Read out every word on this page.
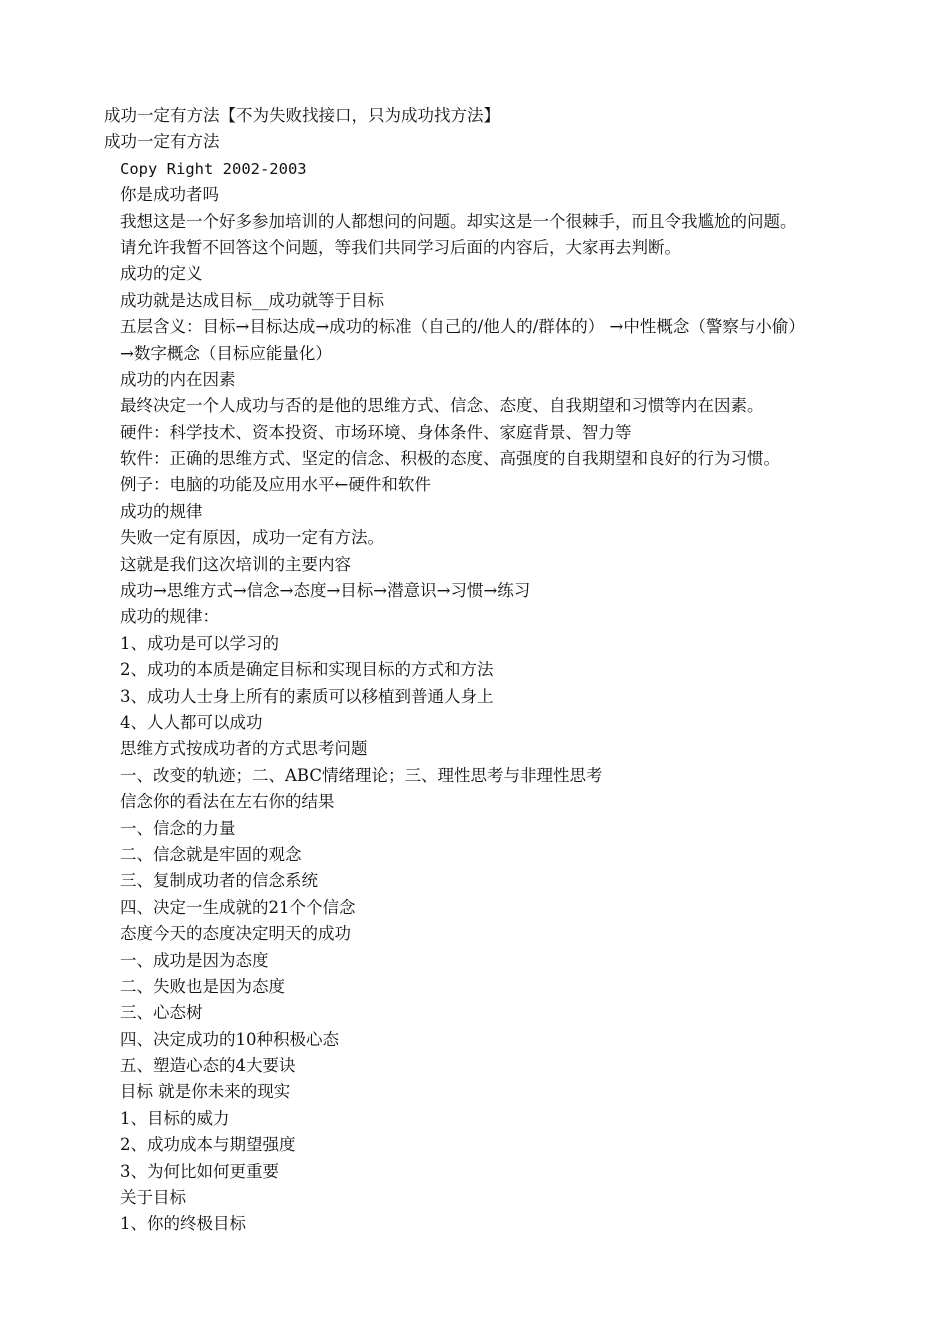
成功一定有方法【不为失败找接口，只为成功找方法】

成功一定有方法

Copy Right 2002-2003

你是成功者吗

我想这是一个好多参加培训的人都想问的问题。却实这是一个很棘手，而且令我尴尬的问题。

请允许我暂不回答这个问题，等我们共同学习后面的内容后，大家再去判断。

成功的定义

成功就是达成目标__成功就等于目标

五层含义：目标→目标达成→成功的标准（自己的/他人的/群体的） →中性概念（警察与小偷）

→数字概念（目标应能量化）

成功的内在因素

最终决定一个人成功与否的是他的思维方式、信念、态度、自我期望和习惯等内在因素。

硬件：科学技术、资本投资、市场环境、身体条件、家庭背景、智力等

软件：正确的思维方式、坚定的信念、积极的态度、高强度的自我期望和良好的行为习惯。

例子：电脑的功能及应用水平←硬件和软件

成功的规律

失败一定有原因，成功一定有方法。

这就是我们这次培训的主要内容

成功→思维方式→信念→态度→目标→潜意识→习惯→练习

成功的规律：

1、成功是可以学习的

2、成功的本质是确定目标和实现目标的方式和方法

3、成功人士身上所有的素质可以移植到普通人身上

4、人人都可以成功

思维方式按成功者的方式思考问题

一、改变的轨迹；二、ABC情绪理论；三、理性思考与非理性思考

信念你的看法在左右你的结果

一、信念的力量

二、信念就是牢固的观念

三、复制成功者的信念系统

四、决定一生成就的21个个信念

态度今天的态度决定明天的成功

一、成功是因为态度

二、失败也是因为态度

三、心态树

四、决定成功的10种积极心态

五、塑造心态的4大要诀

目标 就是你未来的现实

1、目标的威力

2、成功成本与期望强度

3、为何比如何更重要

关于目标

1、你的终极目标
